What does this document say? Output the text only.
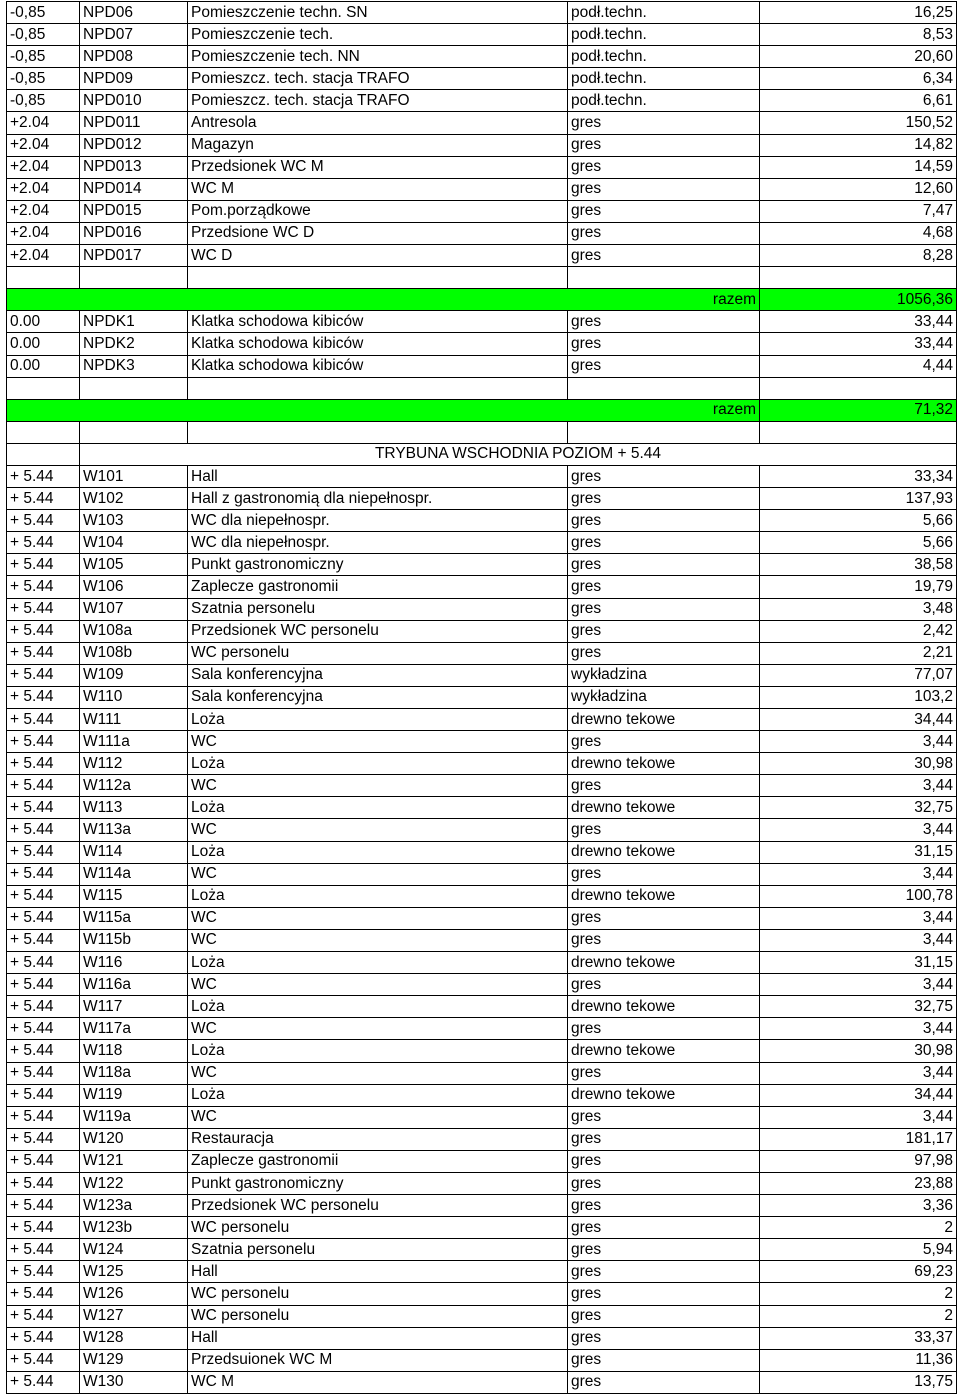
-0,85	NPD06	Pomieszczenie techn. SN	podł.techn.	16,25
-0,85	NPD07	Pomieszczenie tech.	podł.techn.	8,53
-0,85	NPD08	Pomieszczenie tech. NN	podł.techn.	20,60
-0,85	NPD09	Pomieszcz. tech. stacja TRAFO	podł.techn.	6,34
-0,85	NPD010	Pomieszcz. tech. stacja TRAFO	podł.techn.	6,61
+2.04	NPD011	Antresola	gres	150,52
+2.04	NPD012	Magazyn	gres	14,82
+2.04	NPD013	Przedsionek WC M	gres	14,59
+2.04	NPD014	WC M	gres	12,60
+2.04	NPD015	Pom.porządkowe	gres	7,47
+2.04	NPD016	Przedsione WC D	gres	4,68
+2.04	NPD017	WC D	gres	8,28

razem				1056,36
0.00	NPDK1	Klatka schodowa kibiców	gres	33,44
0.00	NPDK2	Klatka schodowa kibiców	gres	33,44
0.00	NPDK3	Klatka schodowa kibiców	gres	4,44

razem				71,32

	TRYBUNA WSCHODNIA POZIOM + 5.44			
+ 5.44	W101	Hall	gres	33,34
+ 5.44	W102	Hall z gastronomią dla niepełnospr.	gres	137,93
+ 5.44	W103	WC dla niepełnospr.	gres	5,66
+ 5.44	W104	WC dla niepełnospr.	gres	5,66
+ 5.44	W105	Punkt gastronomiczny	gres	38,58
+ 5.44	W106	Zaplecze gastronomii	gres	19,79
+ 5.44	W107	Szatnia personelu	gres	3,48
+ 5.44	W108a	Przedsionek WC personelu	gres	2,42
+ 5.44	W108b	WC personelu	gres	2,21
+ 5.44	W109	Sala konferencyjna	wykładzina	77,07
+ 5.44	W110	Sala konferencyjna	wykładzina	103,2
+ 5.44	W111	Loża	drewno tekowe	34,44
+ 5.44	W111a	WC	gres	3,44
+ 5.44	W112	Loża	drewno tekowe	30,98
+ 5.44	W112a	WC	gres	3,44
+ 5.44	W113	Loża	drewno tekowe	32,75
+ 5.44	W113a	WC	gres	3,44
+ 5.44	W114	Loża	drewno tekowe	31,15
+ 5.44	W114a	WC	gres	3,44
+ 5.44	W115	Loża	drewno tekowe	100,78
+ 5.44	W115a	WC	gres	3,44
+ 5.44	W115b	WC	gres	3,44
+ 5.44	W116	Loża	drewno tekowe	31,15
+ 5.44	W116a	WC	gres	3,44
+ 5.44	W117	Loża	drewno tekowe	32,75
+ 5.44	W117a	WC	gres	3,44
+ 5.44	W118	Loża	drewno tekowe	30,98
+ 5.44	W118a	WC	gres	3,44
+ 5.44	W119	Loża	drewno tekowe	34,44
+ 5.44	W119a	WC	gres	3,44
+ 5.44	W120	Restauracja	gres	181,17
+ 5.44	W121	Zaplecze gastronomii	gres	97,98
+ 5.44	W122	Punkt gastronomiczny	gres	23,88
+ 5.44	W123a	Przedsionek WC personelu	gres	3,36
+ 5.44	W123b	WC personelu	gres	2
+ 5.44	W124	Szatnia personelu	gres	5,94
+ 5.44	W125	Hall	gres	69,23
+ 5.44	W126	WC personelu	gres	2
+ 5.44	W127	WC personelu	gres	2
+ 5.44	W128	Hall	gres	33,37
+ 5.44	W129	Przedsuionek WC M	gres	11,36
+ 5.44	W130	WC M	gres	13,75
